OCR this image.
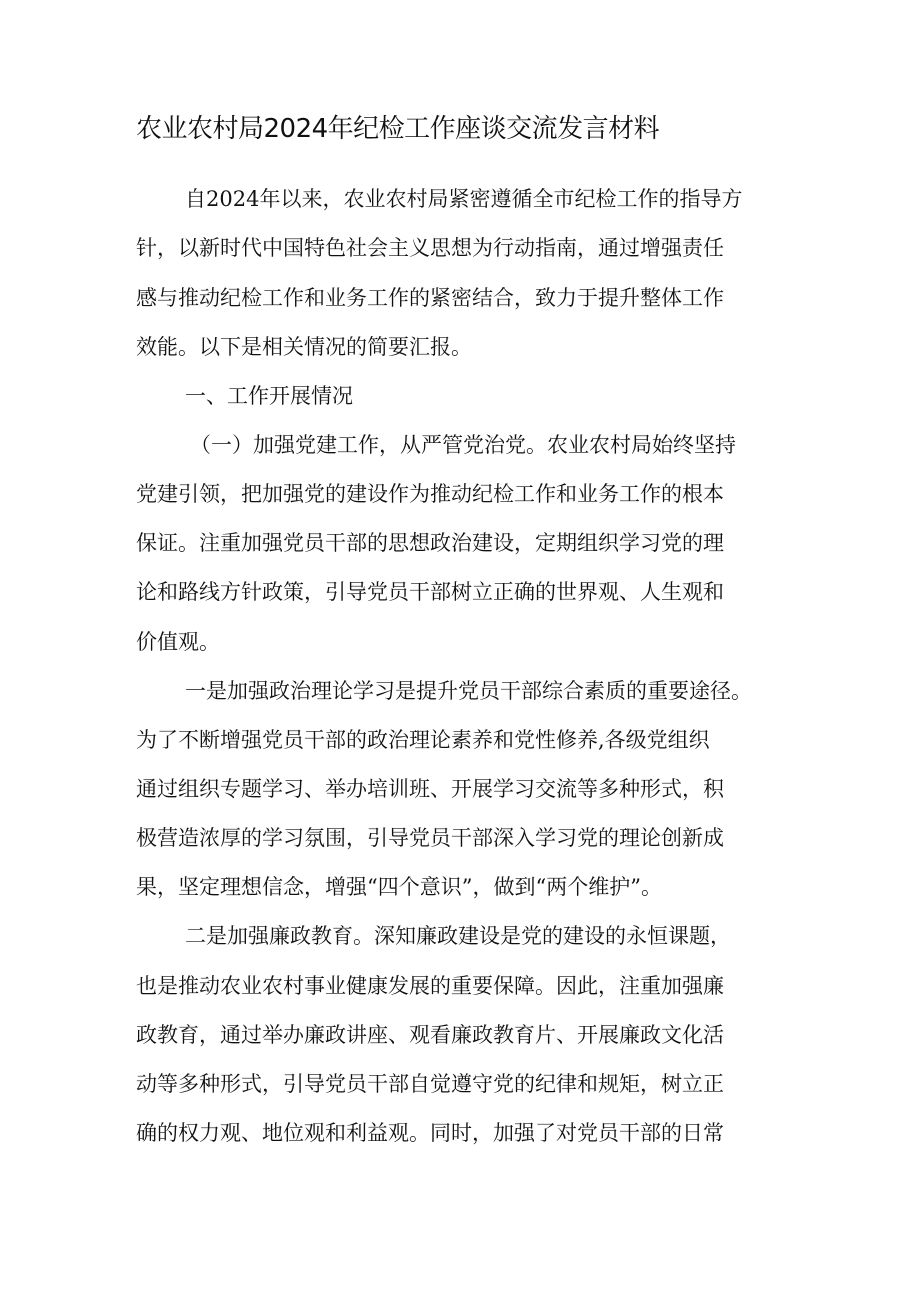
农业农村局2024年纪检工作座谈交流发言材料

自2024年以来，农业农村局紧密遵循全市纪检工作的指导方

针，以新时代中国特色社会主义思想为行动指南，通过增强责任

感与推动纪检工作和业务工作的紧密结合，致力于提升整体工作

效能。以下是相关情况的简要汇报。

一、工作开展情况

（一）加强党建工作，从严管党治党。农业农村局始终坚持

党建引领，把加强党的建设作为推动纪检工作和业务工作的根本

保证。注重加强党员干部的思想政治建设，定期组织学习党的理

论和路线方针政策，引导党员干部树立正确的世界观、人生观和

价值观。

一是加强政治理论学习是提升党员干部综合素质的重要途径。

为了不断增强党员干部的政治理论素养和党性修养,各级党组织

通过组织专题学习、举办培训班、开展学习交流等多种形式，积

极营造浓厚的学习氛围，引导党员干部深入学习党的理论创新成

果，坚定理想信念，增强“四个意识”，做到“两个维护”。

二是加强廉政教育。深知廉政建设是党的建设的永恒课题，

也是推动农业农村事业健康发展的重要保障。因此，注重加强廉

政教育，通过举办廉政讲座、观看廉政教育片、开展廉政文化活

动等多种形式，引导党员干部自觉遵守党的纪律和规矩，树立正

确的权力观、地位观和利益观。同时，加强了对党员干部的日常
